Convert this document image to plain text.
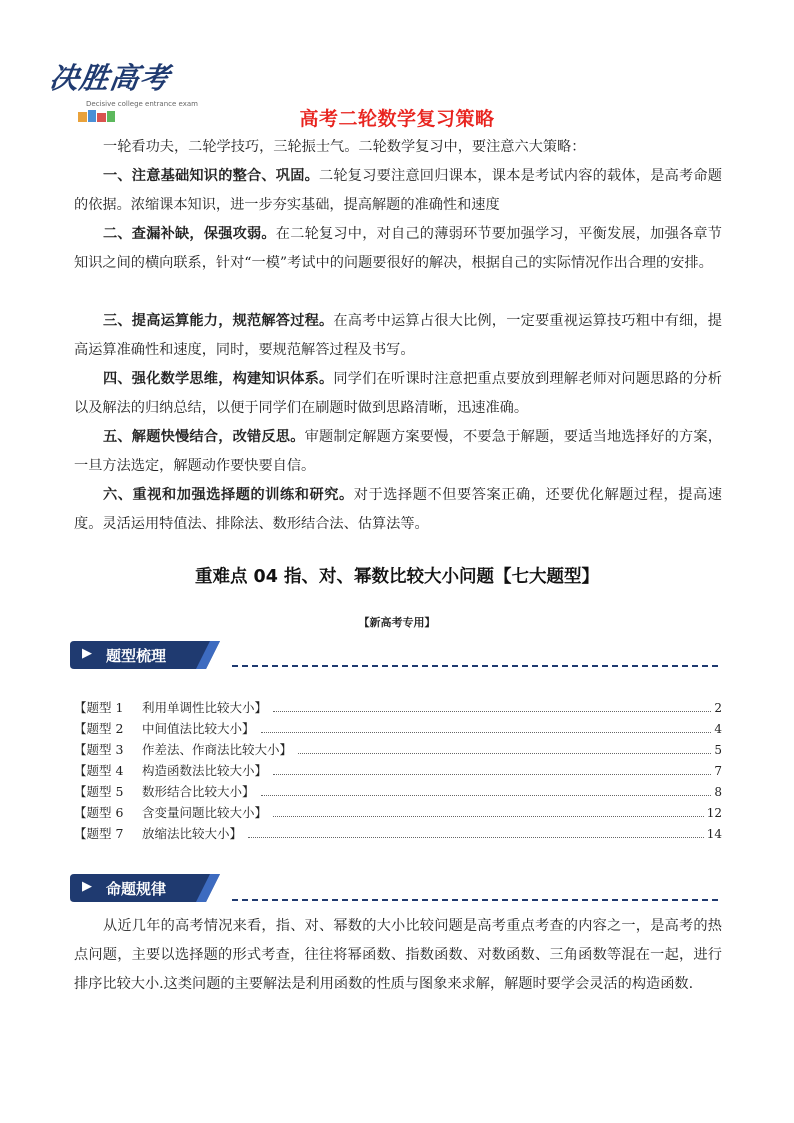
决胜高考
Decisive college entrance exam
高考二轮数学复习策略

一轮看功夫，二轮学技巧，三轮振士气。二轮数学复习中，要注意六大策略：

一、注意基础知识的整合、巩固。二轮复习要注意回归课本，课本是考试内容的载体，是高考命题的依据。浓缩课本知识，进一步夯实基础，提高解题的准确性和速度

二、查漏补缺，保强攻弱。在二轮复习中，对自己的薄弱环节要加强学习，平衡发展，加强各章节知识之间的横向联系，针对“一模”考试中的问题要很好的解决，根据自己的实际情况作出合理的安排。

三、提高运算能力，规范解答过程。在高考中运算占很大比例，一定要重视运算技巧粗中有细，提高运算准确性和速度，同时，要规范解答过程及书写。

四、强化数学思维，构建知识体系。同学们在听课时注意把重点要放到理解老师对问题思路的分析以及解法的归纳总结，以便于同学们在刷题时做到思路清晰，迅速准确。

五、解题快慢结合，改错反思。审题制定解题方案要慢，不要急于解题，要适当地选择好的方案，一旦方法选定，解题动作要快要自信。

六、重视和加强选择题的训练和研究。对于选择题不但要答案正确，还要优化解题过程，提高速度。灵活运用特值法、排除法、数形结合法、估算法等。

重难点 04 指、对、幂数比较大小问题【七大题型】
【新高考专用】
▶ 题型梳理
【题型 1 利用单调性比较大小】	2
【题型 2 中间值法比较大小】	4
【题型 3 作差法、作商法比较大小】	5
【题型 4 构造函数法比较大小】	7
【题型 5 数形结合比较大小】	8
【题型 6 含变量问题比较大小】	12
【题型 7 放缩法比较大小】	14
▶ 命题规律

从近几年的高考情况来看，指、对、幂数的大小比较问题是高考重点考查的内容之一，是高考的热点问题，主要以选择题的形式考查，往往将幂函数、指数函数、对数函数、三角函数等混在一起，进行排序比较大小.这类问题的主要解法是利用函数的性质与图象来求解，解题时要学会灵活的构造函数.
